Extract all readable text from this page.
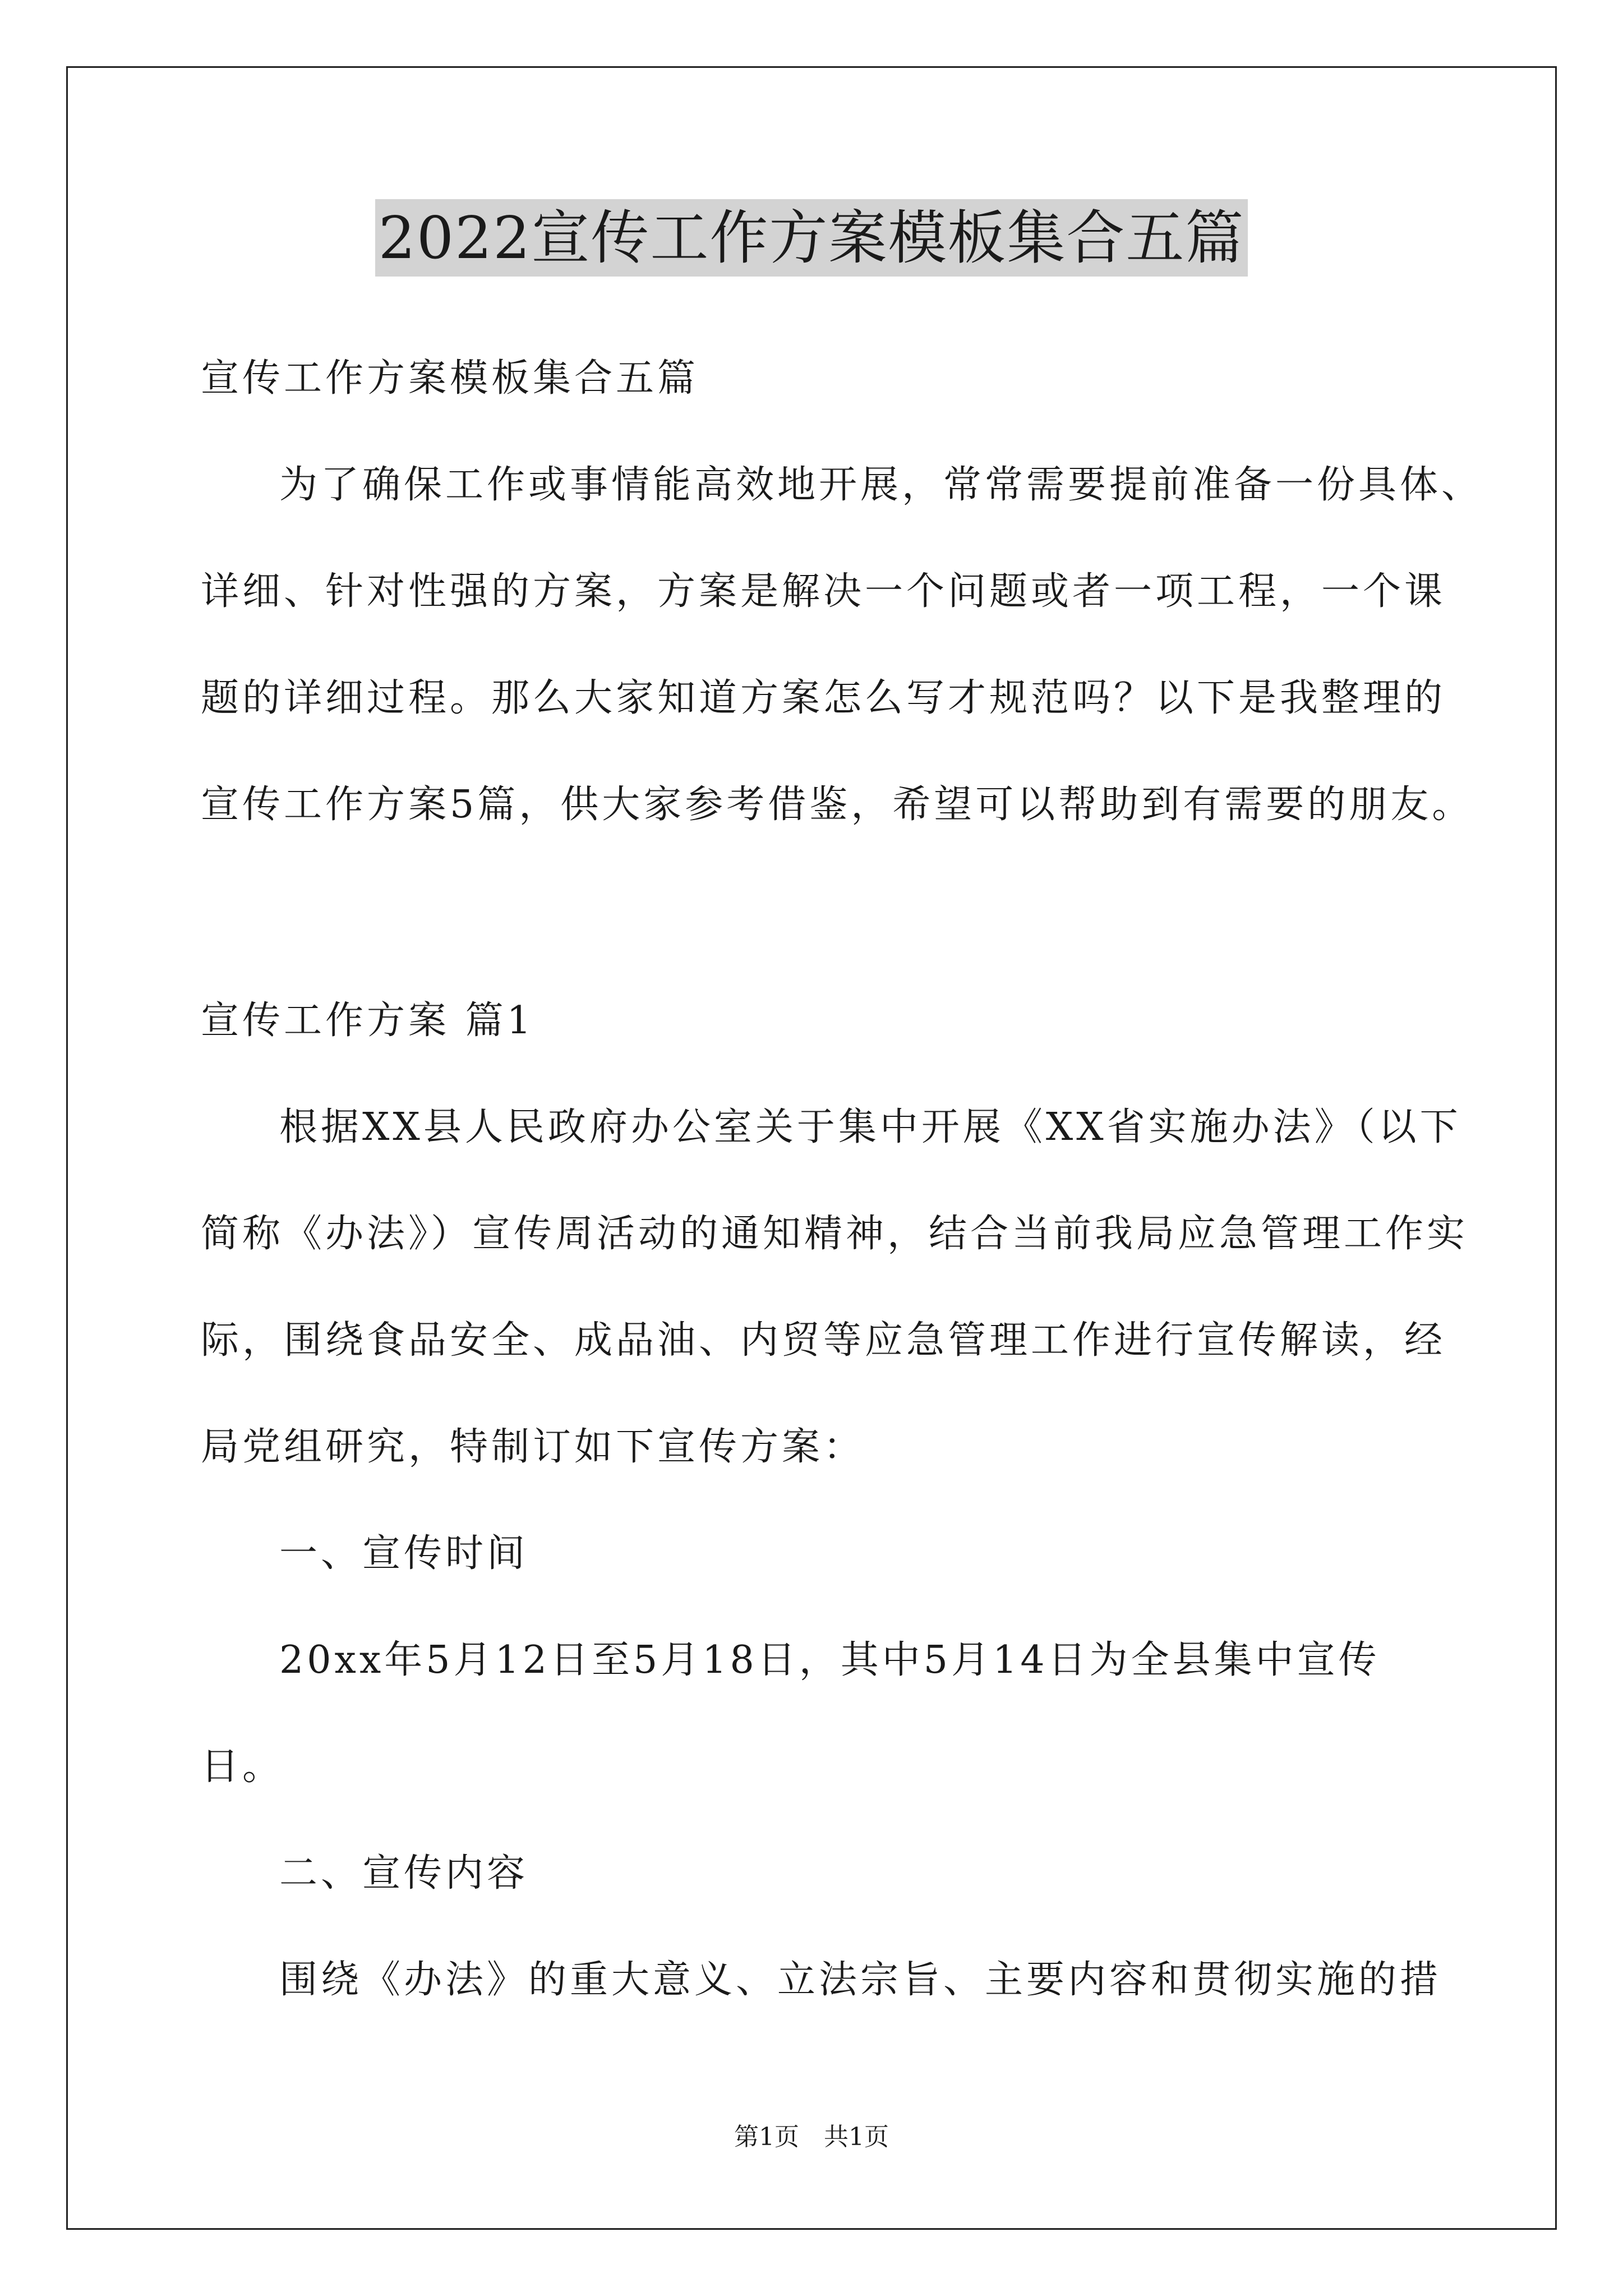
2022宣传工作方案模板集合五篇
宣传工作方案模板集合五篇
为了确保工作或事情能高效地开展，常常需要提前准备一份具体、
详细、针对性强的方案，方案是解决一个问题或者一项工程，一个课
题的详细过程。那么大家知道方案怎么写才规范吗？以下是我整理的
宣传工作方案5篇，供大家参考借鉴，希望可以帮助到有需要的朋友。
宣传工作方案 篇1
根据XX县人民政府办公室关于集中开展《XX省实施办法》（以下
简称《办法》）宣传周活动的通知精神，结合当前我局应急管理工作实
际，围绕食品安全、成品油、内贸等应急管理工作进行宣传解读，经
局党组研究，特制订如下宣传方案：
一、宣传时间
20xx年5月12日至5月18日，其中5月14日为全县集中宣传
日。
二、宣传内容
围绕《办法》的重大意义、立法宗旨、主要内容和贯彻实施的措
第1页　共1页
